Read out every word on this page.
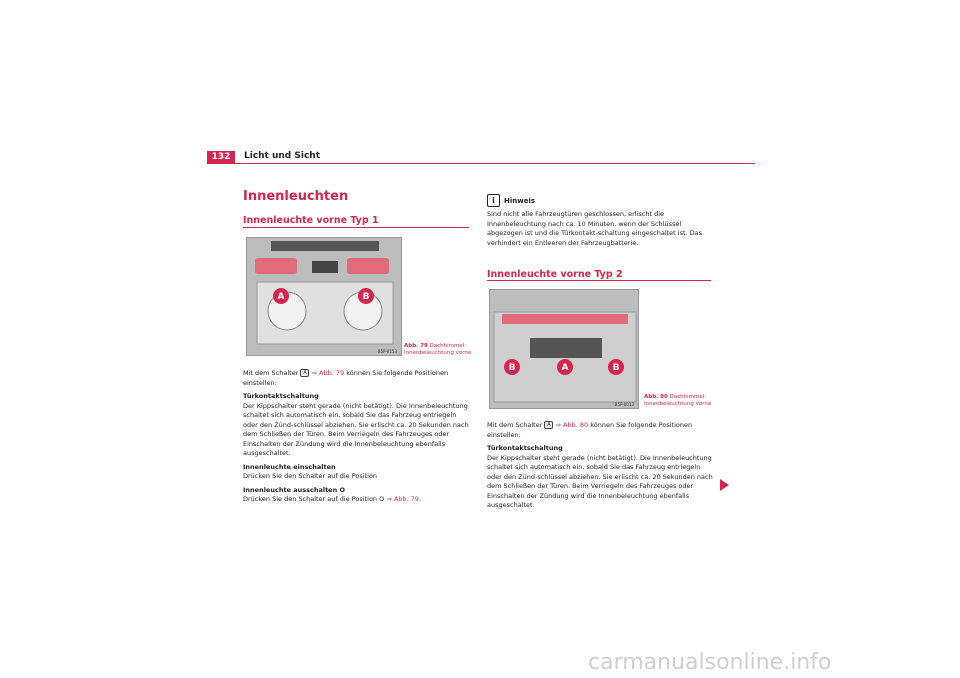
132	Licht und Sicht
Innenleuchten
Innenleuchte vorne Typ 1
A	B
B5P-0153
Abb. 79 Dachhimmel:
Innenbeleuchtung vorne

Mit dem Schalter A ⇒ Abb. 79 können Sie folgende Positionen einstellen:

Türkontaktschaltung

Der Kippschalter steht gerade (nicht betätigt). Die Innenbeleuchtung schaltet sich automatisch ein, sobald Sie das Fahrzeug entriegeln oder den Zünd-schlüssel abziehen. Sie erlischt ca. 20 Sekunden nach dem Schließen der Türen. Beim Verriegeln des Fahrzeuges oder Einschalten der Zündung wird die Innenbeleuchtung ebenfalls ausgeschaltet.

Innenleuchte einschalten

Drücken Sie den Schalter auf die Position

Innenleuchte ausschalten O

Drücken Sie den Schalter auf die Position O ⇒ Abb. 79.

i	Hinweis
Sind nicht alle Fahrzeugtüren geschlossen, erlischt die Innenbeleuchtung nach ca. 10 Minuten, wenn der Schlüssel abgezogen ist und die Türkontakt-schaltung eingeschaltet ist. Das verhindert ein Entleeren der Fahrzeugbatterie.
Innenleuchte vorne Typ 2
B	A	B
B5P-0013
Abb. 80 Dachhimmel:
Innenbeleuchtung vorne

Mit dem Schalter A ⇒ Abb. 80 können Sie folgende Positionen einstellen:

Türkontaktschaltung

Der Kippschalter steht gerade (nicht betätigt). Die Innenbeleuchtung schaltet sich automatisch ein, sobald Sie das Fahrzeug entriegeln oder den Zünd-schlüssel abziehen. Sie erlischt ca. 20 Sekunden nach dem Schließen der Türen. Beim Verriegeln des Fahrzeuges oder Einschalten der Zündung wird die Innenbeleuchtung ebenfalls ausgeschaltet.

carmanualsonline.info
